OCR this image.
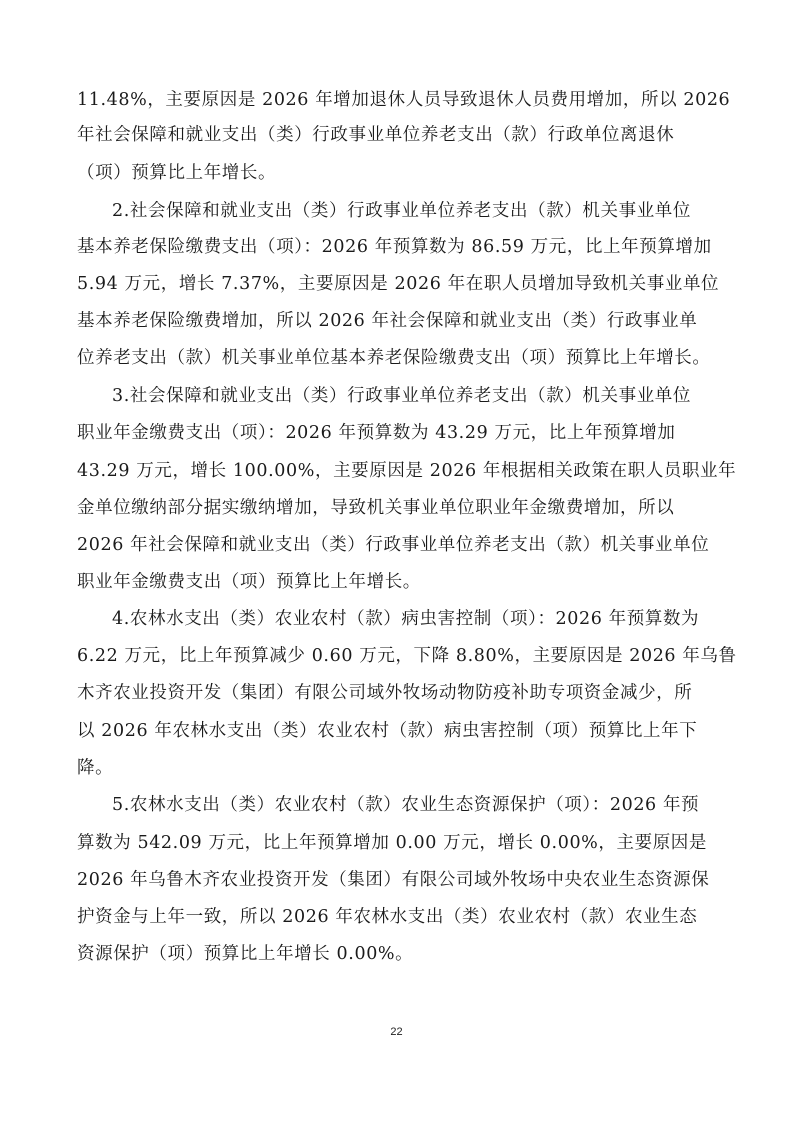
11.48%，主要原因是 2026 年增加退休人员导致退休人员费用增加，所以 2026
年社会保障和就业支出（类）行政事业单位养老支出（款）行政单位离退休
（项）预算比上年增长。
2.社会保障和就业支出（类）行政事业单位养老支出（款）机关事业单位
基本养老保险缴费支出（项）：2026 年预算数为 86.59 万元，比上年预算增加
5.94 万元，增长 7.37%，主要原因是 2026 年在职人员增加导致机关事业单位
基本养老保险缴费增加，所以 2026 年社会保障和就业支出（类）行政事业单
位养老支出（款）机关事业单位基本养老保险缴费支出（项）预算比上年增长。
3.社会保障和就业支出（类）行政事业单位养老支出（款）机关事业单位
职业年金缴费支出（项）：2026 年预算数为 43.29 万元，比上年预算增加
43.29 万元，增长 100.00%，主要原因是 2026 年根据相关政策在职人员职业年
金单位缴纳部分据实缴纳增加，导致机关事业单位职业年金缴费增加，所以
2026 年社会保障和就业支出（类）行政事业单位养老支出（款）机关事业单位
职业年金缴费支出（项）预算比上年增长。
4.农林水支出（类）农业农村（款）病虫害控制（项）：2026 年预算数为
6.22 万元，比上年预算减少 0.60 万元，下降 8.80%，主要原因是 2026 年乌鲁
木齐农业投资开发（集团）有限公司域外牧场动物防疫补助专项资金减少，所
以 2026 年农林水支出（类）农业农村（款）病虫害控制（项）预算比上年下
降。
5.农林水支出（类）农业农村（款）农业生态资源保护（项）：2026 年预
算数为 542.09 万元，比上年预算增加 0.00 万元，增长 0.00%，主要原因是
2026 年乌鲁木齐农业投资开发（集团）有限公司域外牧场中央农业生态资源保
护资金与上年一致，所以 2026 年农林水支出（类）农业农村（款）农业生态
资源保护（项）预算比上年增长 0.00%。
22
